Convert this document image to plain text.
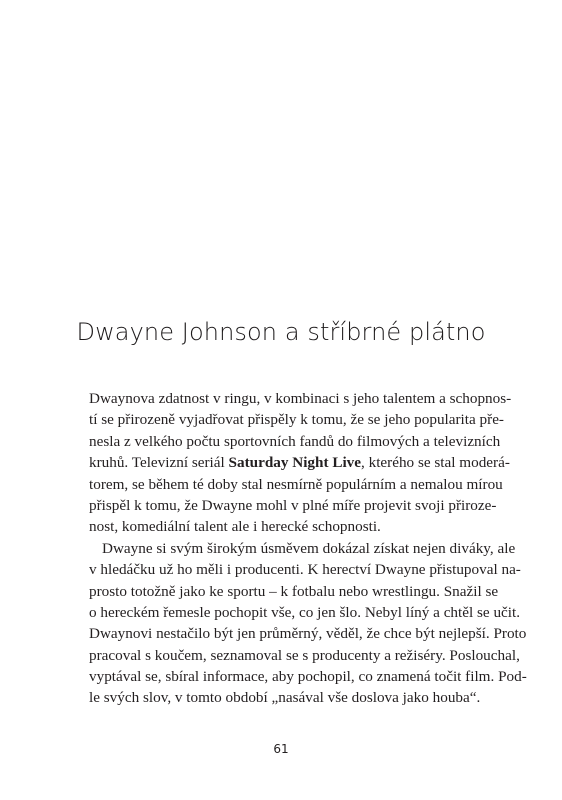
Dwayne Johnson a stříbrné plátno
Dwaynova zdatnost v ringu, v kombinaci s jeho talentem a schopnos-
tí se přirozeně vyjadřovat přispěly k tomu, že se jeho popularita pře-
nesla z velkého počtu sportovních fandů do filmových a televizních
kruhů. Televizní seriál Saturday Night Live, kterého se stal moderá-
torem, se během té doby stal nesmírně populárním a nemalou mírou
přispěl k tomu, že Dwayne mohl v plné míře projevit svoji přiroze-
nost, komediální talent ale i herecké schopnosti.
Dwayne si svým širokým úsměvem dokázal získat nejen diváky, ale
v hledáčku už ho měli i producenti. K herectví Dwayne přistupoval na-
prosto totožně jako ke sportu – k fotbalu nebo wrestlingu. Snažil se
o hereckém řemesle pochopit vše, co jen šlo. Nebyl líný a chtěl se učit.
Dwaynovi nestačilo být jen průměrný, věděl, že chce být nejlepší. Proto
pracoval s koučem, seznamoval se s producenty a režiséry. Poslouchal,
vyptával se, sbíral informace, aby pochopil, co znamená točit film. Pod-
le svých slov, v tomto období „nasával vše doslova jako houba“.
61
